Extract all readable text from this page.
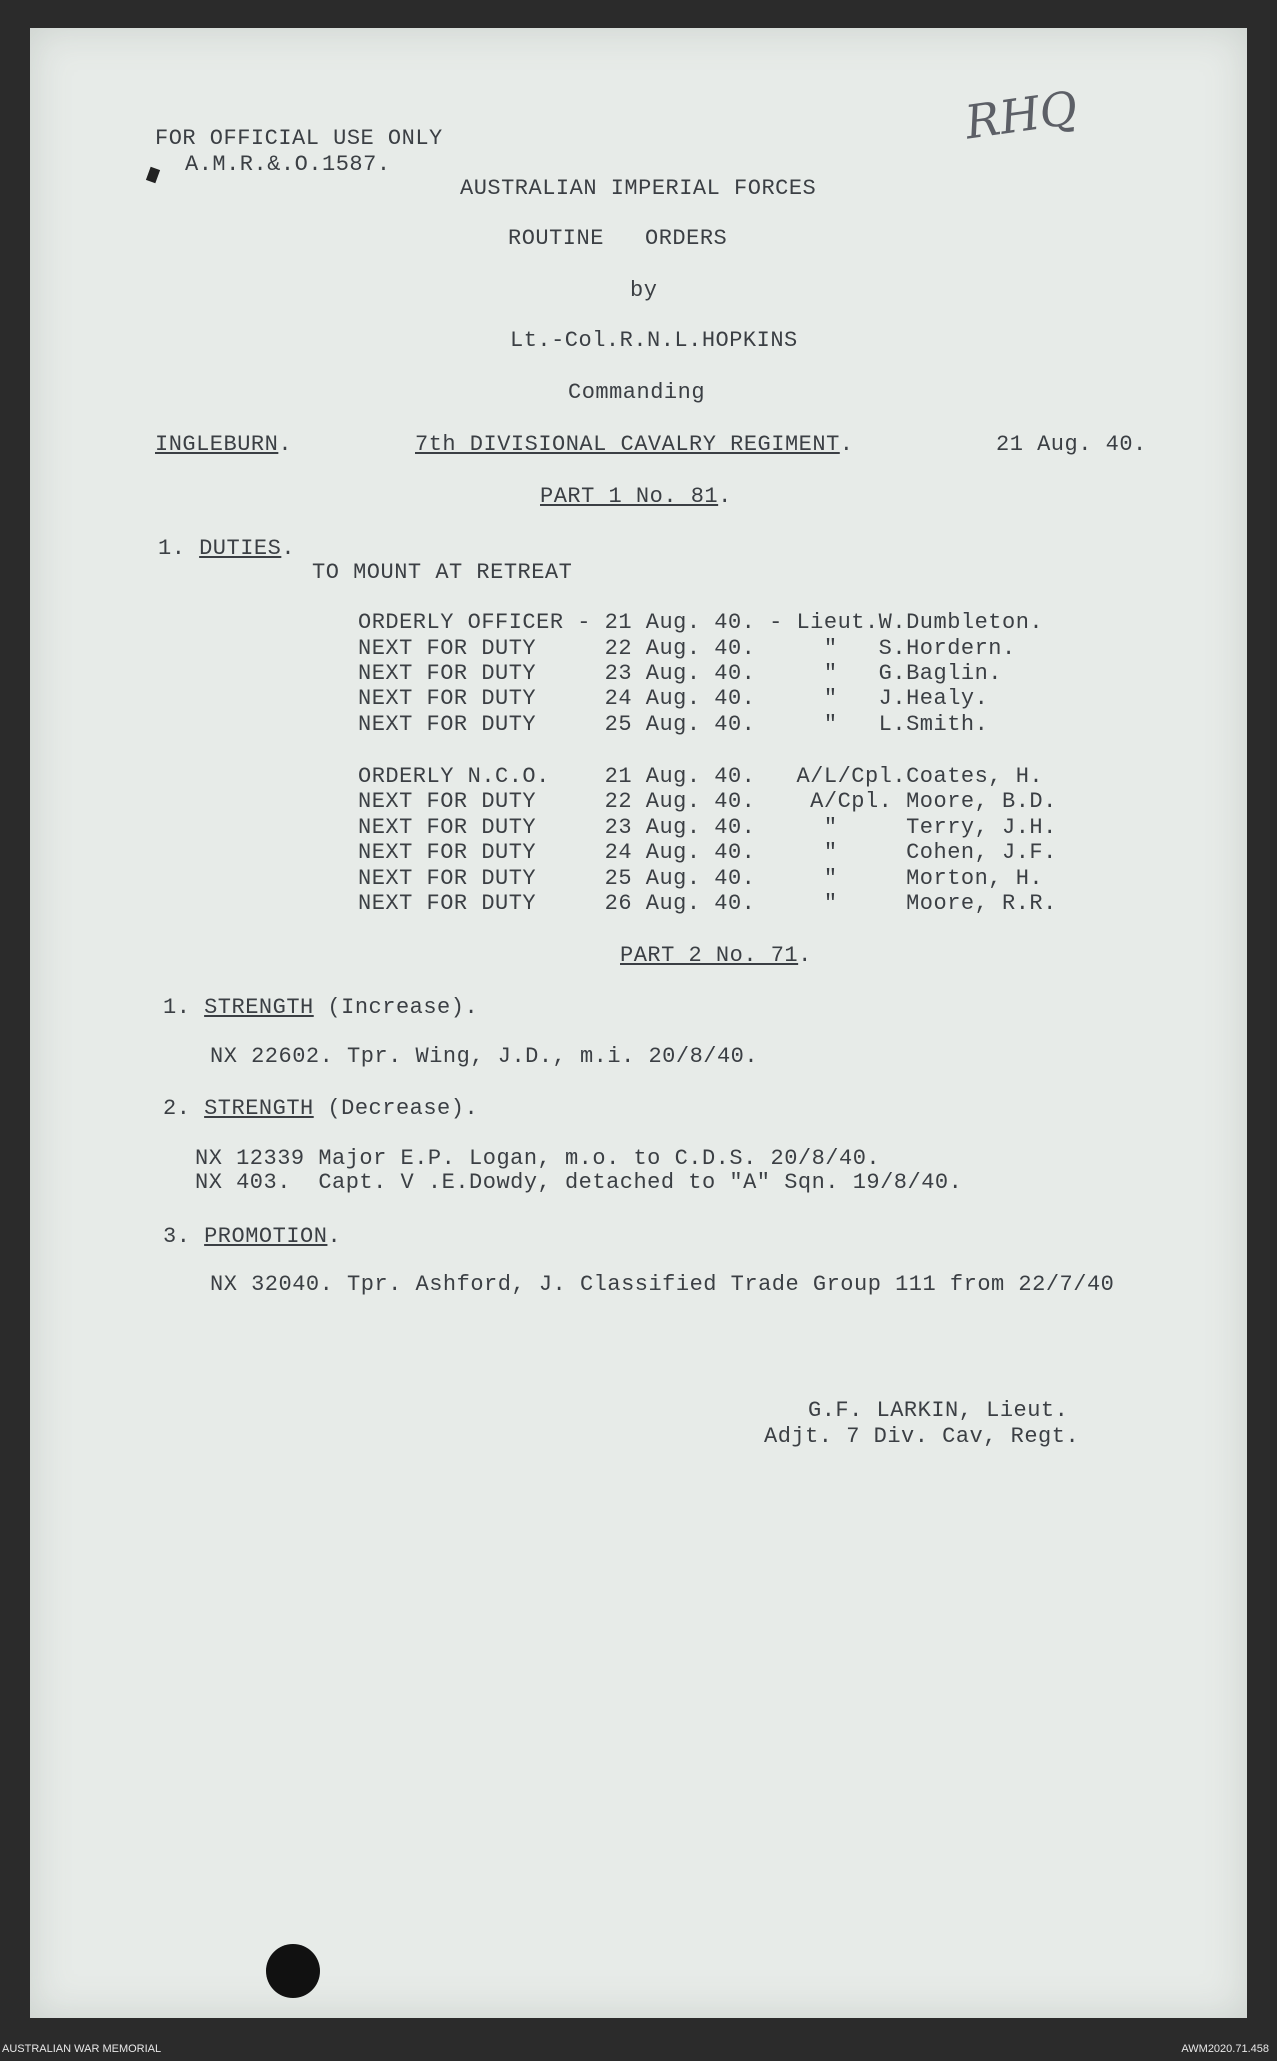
RHQ
FOR OFFICIAL USE ONLY
A.M.R.&.O.1587.
AUSTRALIAN IMPERIAL FORCES
ROUTINE   ORDERS
by
Lt.-Col.R.N.L.HOPKINS
Commanding
INGLEBURN.	7th DIVISIONAL CAVALRY REGIMENT.	21 Aug. 40.
PART 1 No. 81.
1. DUTIES.
TO MOUNT AT RETREAT
ORDERLY OFFICER - 21 Aug. 40. - Lieut.W.Dumbleton.
NEXT FOR DUTY     22 Aug. 40.     "   S.Hordern.
NEXT FOR DUTY     23 Aug. 40.     "   G.Baglin.
NEXT FOR DUTY     24 Aug. 40.     "   J.Healy.
NEXT FOR DUTY     25 Aug. 40.     "   L.Smith.
ORDERLY N.C.O.    21 Aug. 40.   A/L/Cpl.Coates, H.
NEXT FOR DUTY     22 Aug. 40.    A/Cpl. Moore, B.D.
NEXT FOR DUTY     23 Aug. 40.     "     Terry, J.H.
NEXT FOR DUTY     24 Aug. 40.     "     Cohen, J.F.
NEXT FOR DUTY     25 Aug. 40.     "     Morton, H.
NEXT FOR DUTY     26 Aug. 40.     "     Moore, R.R.
PART 2 No. 71.
1. STRENGTH (Increase).
NX 22602. Tpr. Wing, J.D., m.i. 20/8/40.
2. STRENGTH (Decrease).
NX 12339 Major E.P. Logan, m.o. to C.D.S. 20/8/40.
NX 403.  Capt. V .E.Dowdy, detached to "A" Sqn. 19/8/40.
3. PROMOTION.
NX 32040. Tpr. Ashford, J. Classified Trade Group 111 from 22/7/40
G.F. LARKIN, Lieut.
Adjt. 7 Div. Cav, Regt.
AUSTRALIAN WAR MEMORIAL	AWM2020.71.458
